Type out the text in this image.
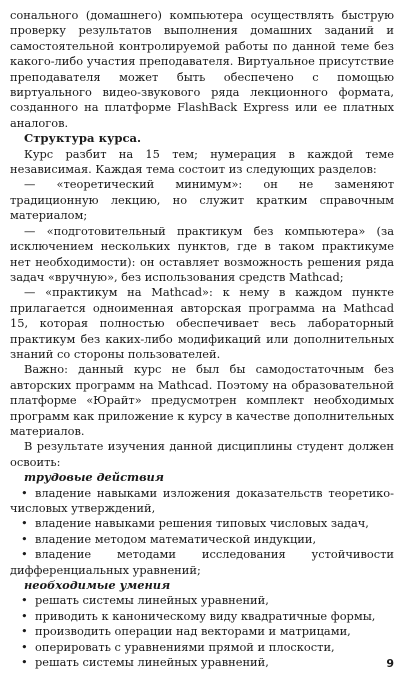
сонального (домашнего) компьютера осуществлять быструю проверку результатов выполнения домашних заданий и самостоятельной контролируемой работы по данной теме без какого-либо участия преподавателя. Виртуальное присутствие преподавателя может быть обеспечено с помощью виртуального видео-звукового ряда лекционного формата, созданного на платформе FlashBack Express или ее платных аналогов.

Структура курса.

Курс разбит на 15 тем; нумерация в каждой теме независимая. Каждая тема состоит из следующих разделов:

— «теоретический минимум»: он не заменяют традиционную лекцию, но служит кратким справочным материалом;

— «подготовительный практикум без компьютера» (за исключением нескольких пунктов, где в таком практикуме нет необходимости): он оставляет возможность решения ряда задач «вручную», без использования средств Mathcad;

— «практикум на Mathcad»: к нему в каждом пункте прилагается одноименная авторская программа на Mathcad 15, которая полностью обеспечивает весь лабораторный практикум без каких-либо модификаций или дополнительных знаний со стороны пользователей.

Важно: данный курс не был бы самодостаточным без авторских программ на Mathcad. Поэтому на образовательной платформе «Юрайт» предусмотрен комплект необходимых программ как приложение к курсу в качестве дополнительных материалов.

В результате изучения данной дисциплины студент должен освоить:

трудовые действия

• владение навыками изложения доказательств теоретико-числовых утверждений,

• владение навыками решения типовых числовых задач,

• владение методом математической индукции,

• владение методами исследования устойчивости дифференциальных уравнений;

необходимые умения

• решать системы линейных уравнений,

• приводить к каноническому виду квадратичные формы,

• производить операции над векторами и матрицами,

• оперировать с уравнениями прямой и плоскости,

• решать системы линейных уравнений,	9
